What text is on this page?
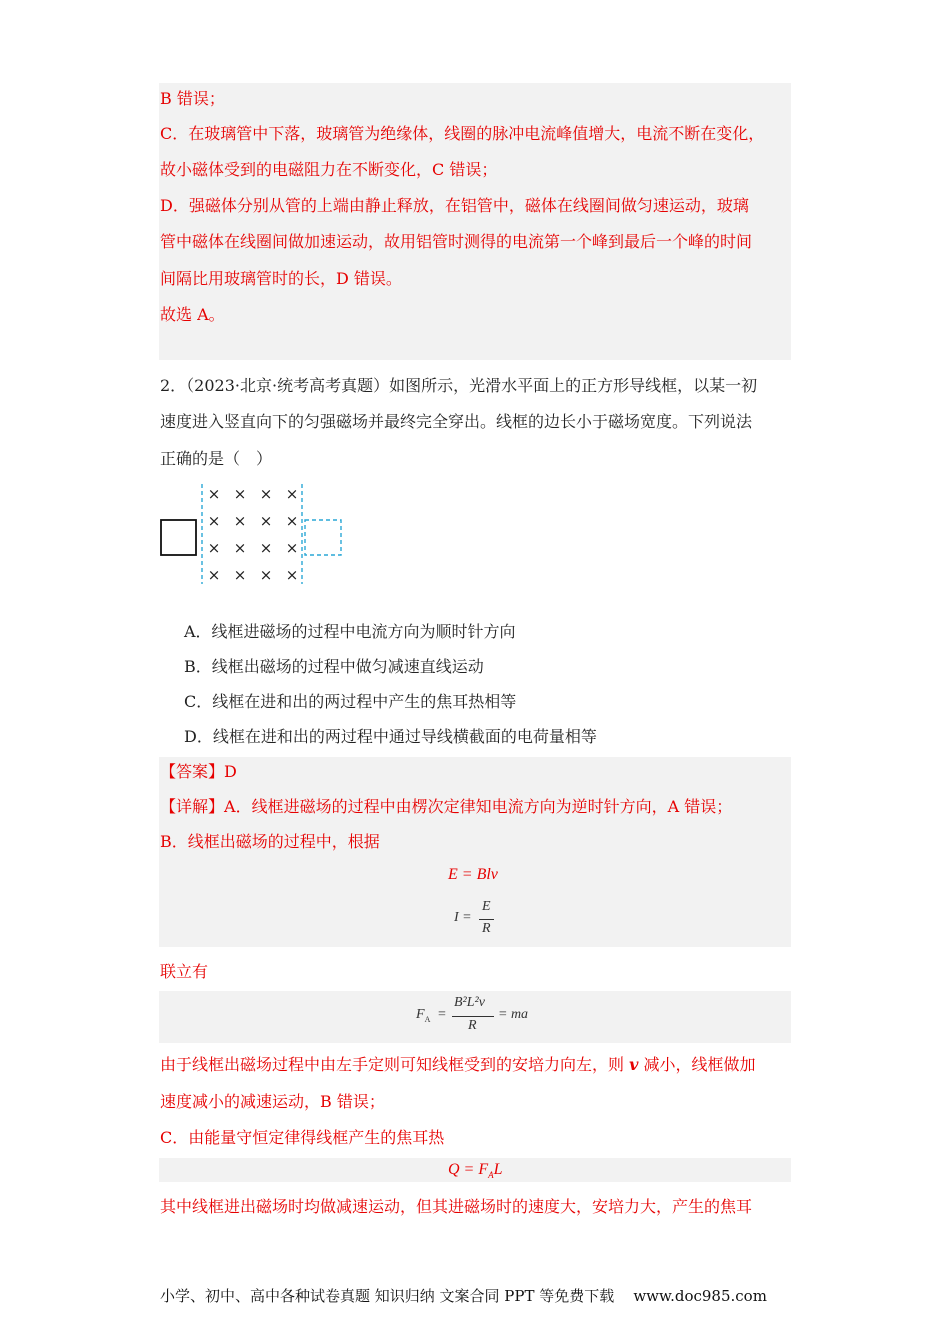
B 错误；
C．在玻璃管中下落，玻璃管为绝缘体，线圈的脉冲电流峰值增大，电流不断在变化，
故小磁体受到的电磁阻力在不断变化，C 错误；
D．强磁体分别从管的上端由静止释放，在铝管中，磁体在线圈间做匀速运动，玻璃
管中磁体在线圈间做加速运动，故用铝管时测得的电流第一个峰到最后一个峰的时间
间隔比用玻璃管时的长，D 错误。
故选 A。
2．（2023·北京·统考高考真题）如图所示，光滑水平面上的正方形导线框，以某一初
速度进入竖直向下的匀强磁场并最终完全穿出。线框的边长小于磁场宽度。下列说法
正确的是（　）
× × × ×
× × × ×
× × × ×
× × × ×
A．线框进磁场的过程中电流方向为顺时针方向
B．线框出磁场的过程中做匀减速直线运动
C．线框在进和出的两过程中产生的焦耳热相等
D．线框在进和出的两过程中通过导线横截面的电荷量相等
【答案】D
【详解】A．线框进磁场的过程中由楞次定律知电流方向为逆时针方向，A 错误；
B．线框出磁场的过程中，根据
E = Blv
I =
E
R
联立有
$F_A$ =
B²L²v
R
= ma
由于线框出磁场过程中由左手定则可知线框受到的安培力向左，则 v 减小，线框做加
速度减小的减速运动，B 错误；
C．由能量守恒定律得线框产生的焦耳热
$Q = F_AL$
其中线框进出磁场时均做减速运动，但其进磁场时的速度大，安培力大，产生的焦耳
小学、初中、高中各种试卷真题 知识归纳 文案合同 PPT 等免费下载 www.doc985.com
